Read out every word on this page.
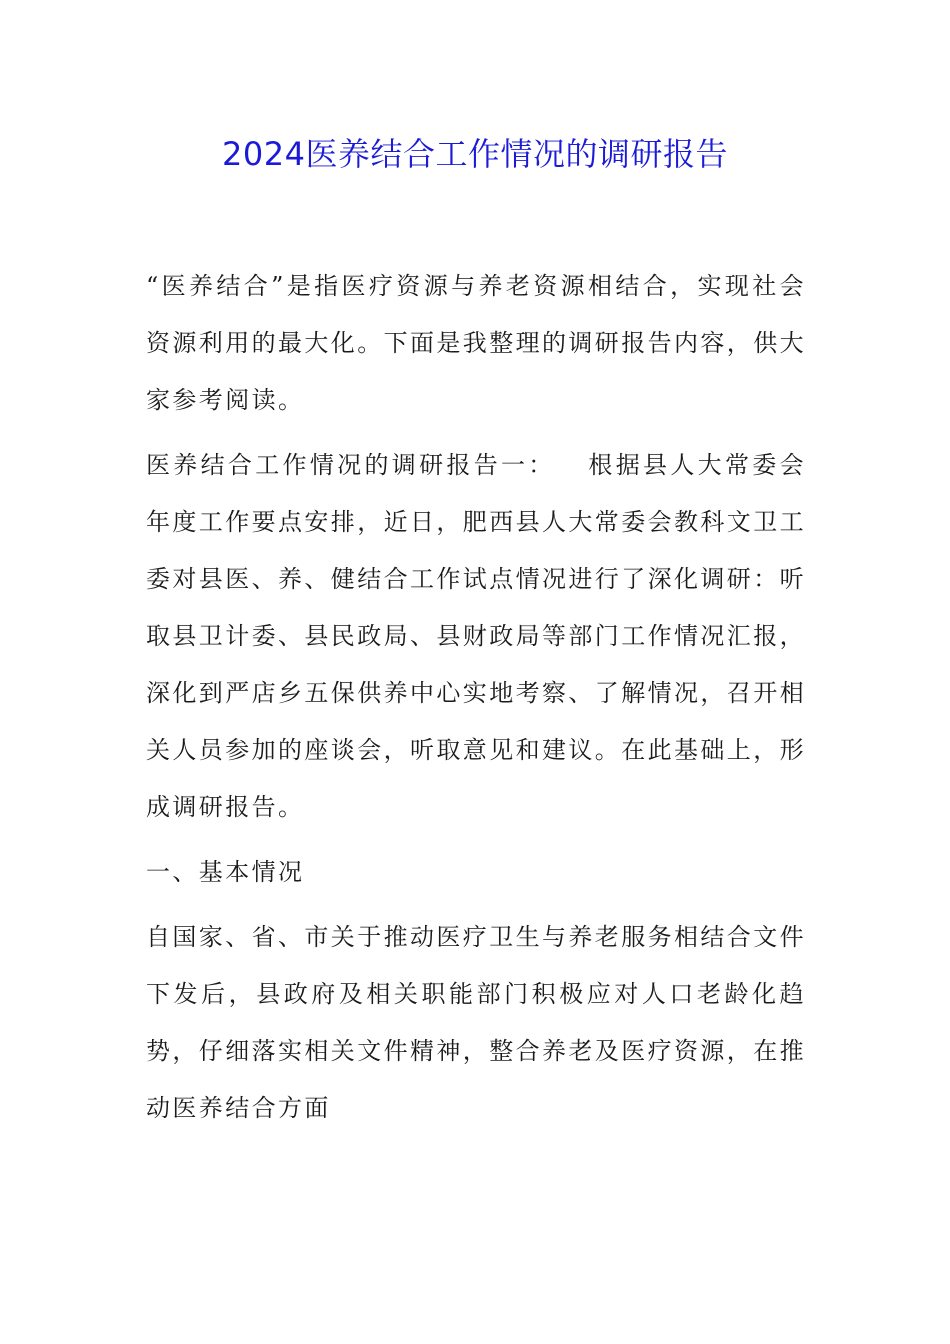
2024医养结合工作情况的调研报告

“医养结合”是指医疗资源与养老资源相结合，实现社会资源利用的最大化。下面是我整理的调研报告内容，供大家参考阅读。

医养结合工作情况的调研报告一：   根据县人大常委会年度工作要点安排，近日，肥西县人大常委会教科文卫工委对县医、养、健结合工作试点情况进行了深化调研：听取县卫计委、县民政局、县财政局等部门工作情况汇报，深化到严店乡五保供养中心实地考察、了解情况，召开相关人员参加的座谈会，听取意见和建议。在此基础上，形成调研报告。

一、基本情况

自国家、省、市关于推动医疗卫生与养老服务相结合文件下发后，县政府及相关职能部门积极应对人口老龄化趋势，仔细落实相关文件精神，整合养老及医疗资源，在推动医养结合方面
